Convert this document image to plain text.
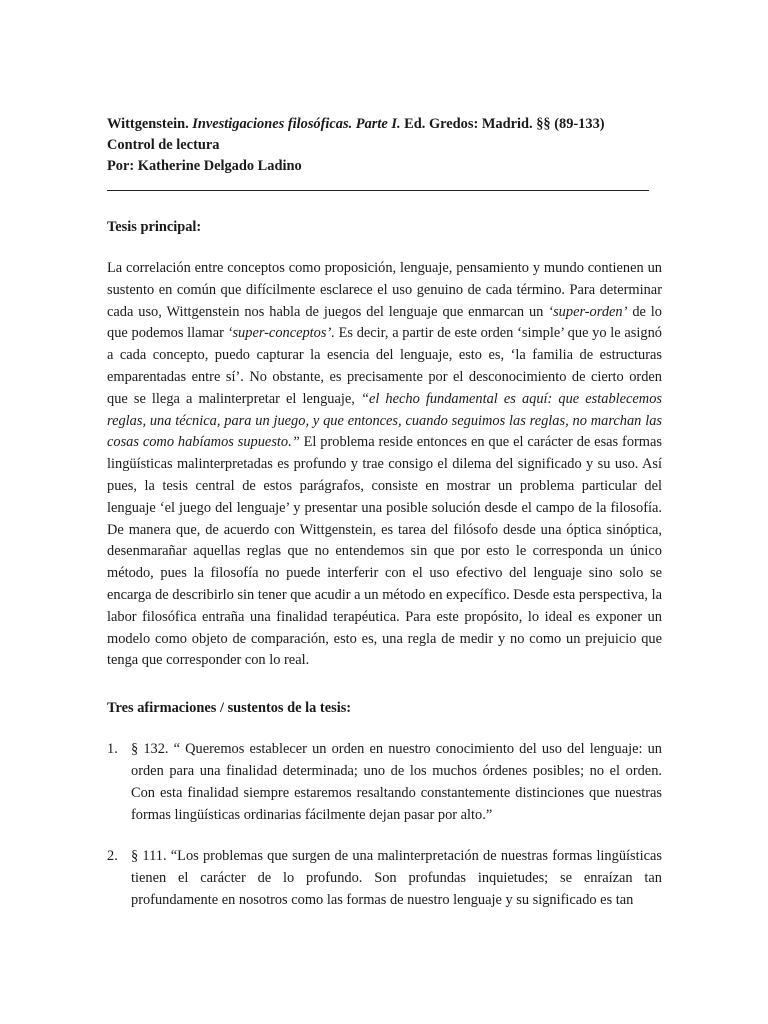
Wittgenstein. Investigaciones filosóficas. Parte I. Ed. Gredos: Madrid. §§ (89-133)
Control de lectura
Por: Katherine Delgado Ladino
Tesis principal:
La correlación entre conceptos como proposición, lenguaje, pensamiento y mundo contienen un sustento en común que difícilmente esclarece el uso genuino de cada término. Para determinar cada uso, Wittgenstein nos habla de juegos del lenguaje que enmarcan un ‘super-orden’ de lo que podemos llamar ‘super-conceptos’. Es decir, a partir de este orden ‘simple’ que yo le asignó a cada concepto, puedo capturar la esencia del lenguaje, esto es, ‘la familia de estructuras emparentadas entre sí’. No obstante, es precisamente por el desconocimiento de cierto orden que se llega a malinterpretar el lenguaje, “el hecho fundamental es aquí: que establecemos reglas, una técnica, para un juego, y que entonces, cuando seguimos las reglas, no marchan las cosas como habíamos supuesto.” El problema reside entonces en que el carácter de esas formas lingüísticas malinterpretadas es profundo y trae consigo el dilema del significado y su uso. Así pues, la tesis central de estos parágrafos, consiste en mostrar un problema particular del lenguaje ‘el juego del lenguaje’ y presentar una posible solución desde el campo de la filosofía. De manera que, de acuerdo con Wittgenstein, es tarea del filósofo desde una óptica sinóptica, desenmarañar aquellas reglas que no entendemos sin que por esto le corresponda un único método, pues la filosofía no puede interferir con el uso efectivo del lenguaje sino solo se encarga de describirlo sin tener que acudir a un método en expecífico. Desde esta perspectiva, la labor filosófica entraña una finalidad terapéutica. Para este propósito, lo ideal es exponer un modelo como objeto de comparación, esto es, una regla de medir y no como un prejuicio que tenga que corresponder con lo real.
Tres afirmaciones / sustentos de la tesis:
1. § 132. “ Queremos establecer un orden en nuestro conocimiento del uso del lenguaje: un orden para una finalidad determinada; uno de los muchos órdenes posibles; no el orden. Con esta finalidad siempre estaremos resaltando constantemente distinciones que nuestras formas lingüísticas ordinarias fácilmente dejan pasar por alto.”
2. § 111. “Los problemas que surgen de una malinterpretación de nuestras formas lingüísticas tienen el carácter de lo profundo. Son profundas inquietudes; se enraízan tan profundamente en nosotros como las formas de nuestro lenguaje y su significado es tan
